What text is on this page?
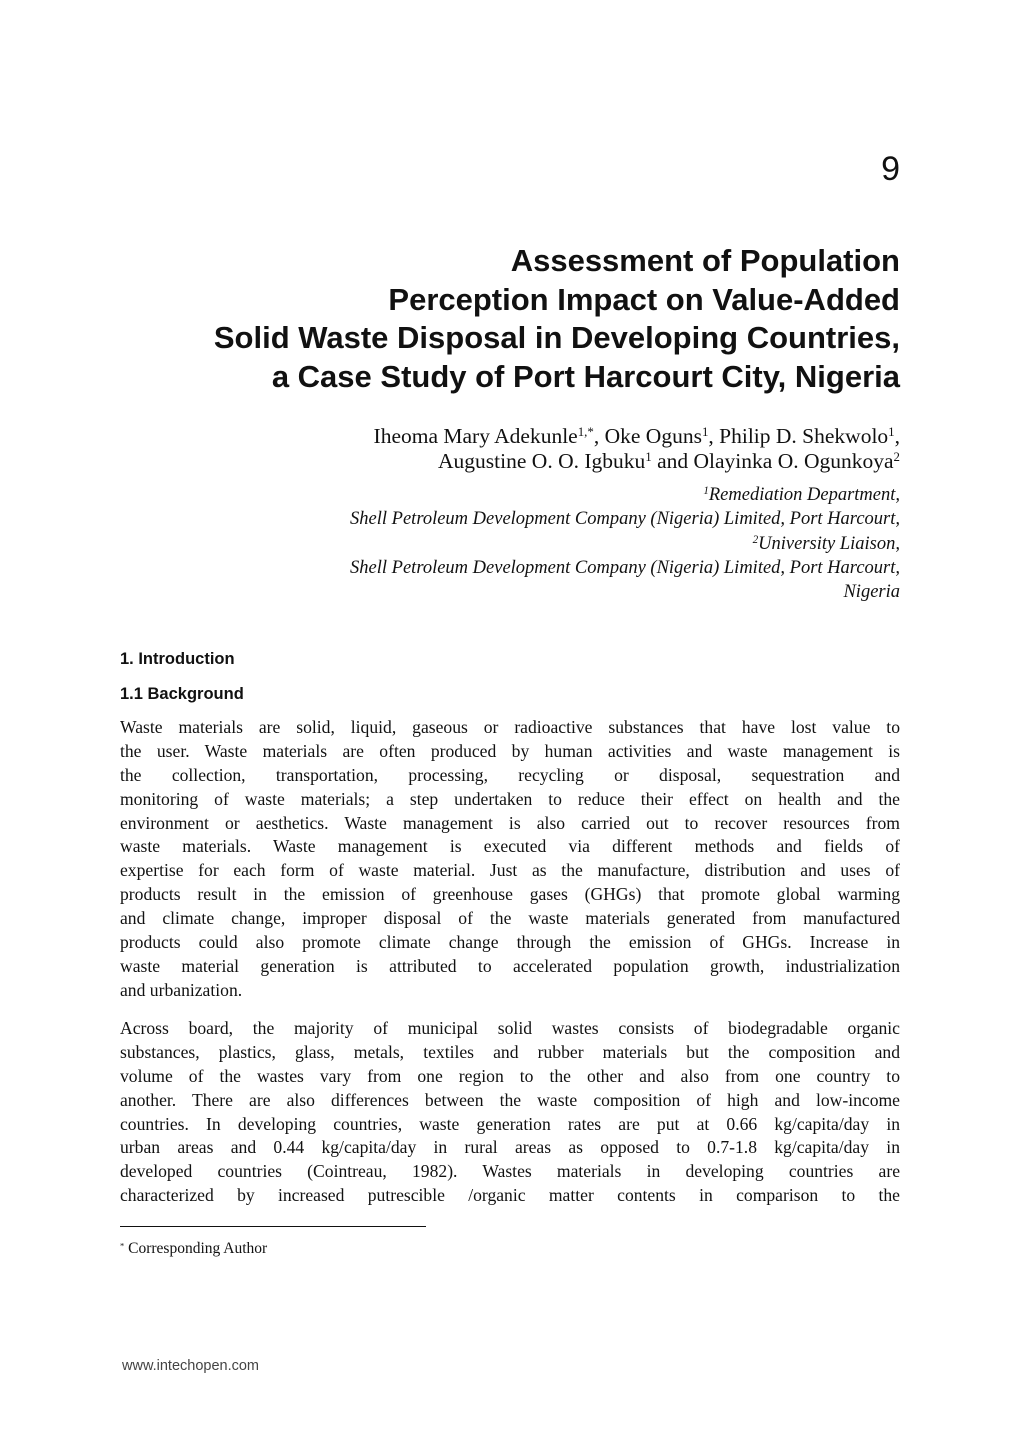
9
Assessment of Population
Perception Impact on Value-Added
Solid Waste Disposal in Developing Countries,
a Case Study of Port Harcourt City, Nigeria
Iheoma Mary Adekunle$^{1,*}$, Oke Oguns$^1$, Philip D. Shekwolo$^1$,
Augustine O. O. Igbuku$^1$ and Olayinka O. Ogunkoya$^2$
$^1$Remediation Department,
Shell Petroleum Development Company (Nigeria) Limited, Port Harcourt,
$^2$University Liaison,
Shell Petroleum Development Company (Nigeria) Limited, Port Harcourt,
Nigeria
1. Introduction
1.1 Background
Waste materials are solid, liquid, gaseous or radioactive substances that have lost value to
the user. Waste materials are often produced by human activities and waste management is
the collection, transportation, processing, recycling or disposal, sequestration and
monitoring of waste materials; a step undertaken to reduce their effect on health and the
environment or aesthetics. Waste management is also carried out to recover resources from
waste materials. Waste management is executed via different methods and fields of
expertise for each form of waste material. Just as the manufacture, distribution and uses of
products result in the emission of greenhouse gases (GHGs) that promote global warming
and climate change, improper disposal of the waste materials generated from manufactured
products could also promote climate change through the emission of GHGs. Increase in
waste material generation is attributed to accelerated population growth, industrialization
and urbanization.
Across board, the majority of municipal solid wastes consists of biodegradable organic
substances, plastics, glass, metals, textiles and rubber materials but the composition and
volume of the wastes vary from one region to the other and also from one country to
another. There are also differences between the waste composition of high and low-income
countries. In developing countries, waste generation rates are put at 0.66 kg/capita/day in
urban areas and 0.44 kg/capita/day in rural areas as opposed to 0.7-1.8 kg/capita/day in
developed countries (Cointreau, 1982). Wastes materials in developing countries are
characterized by increased putrescible /organic matter contents in comparison to the
* Corresponding Author
www.intechopen.com
